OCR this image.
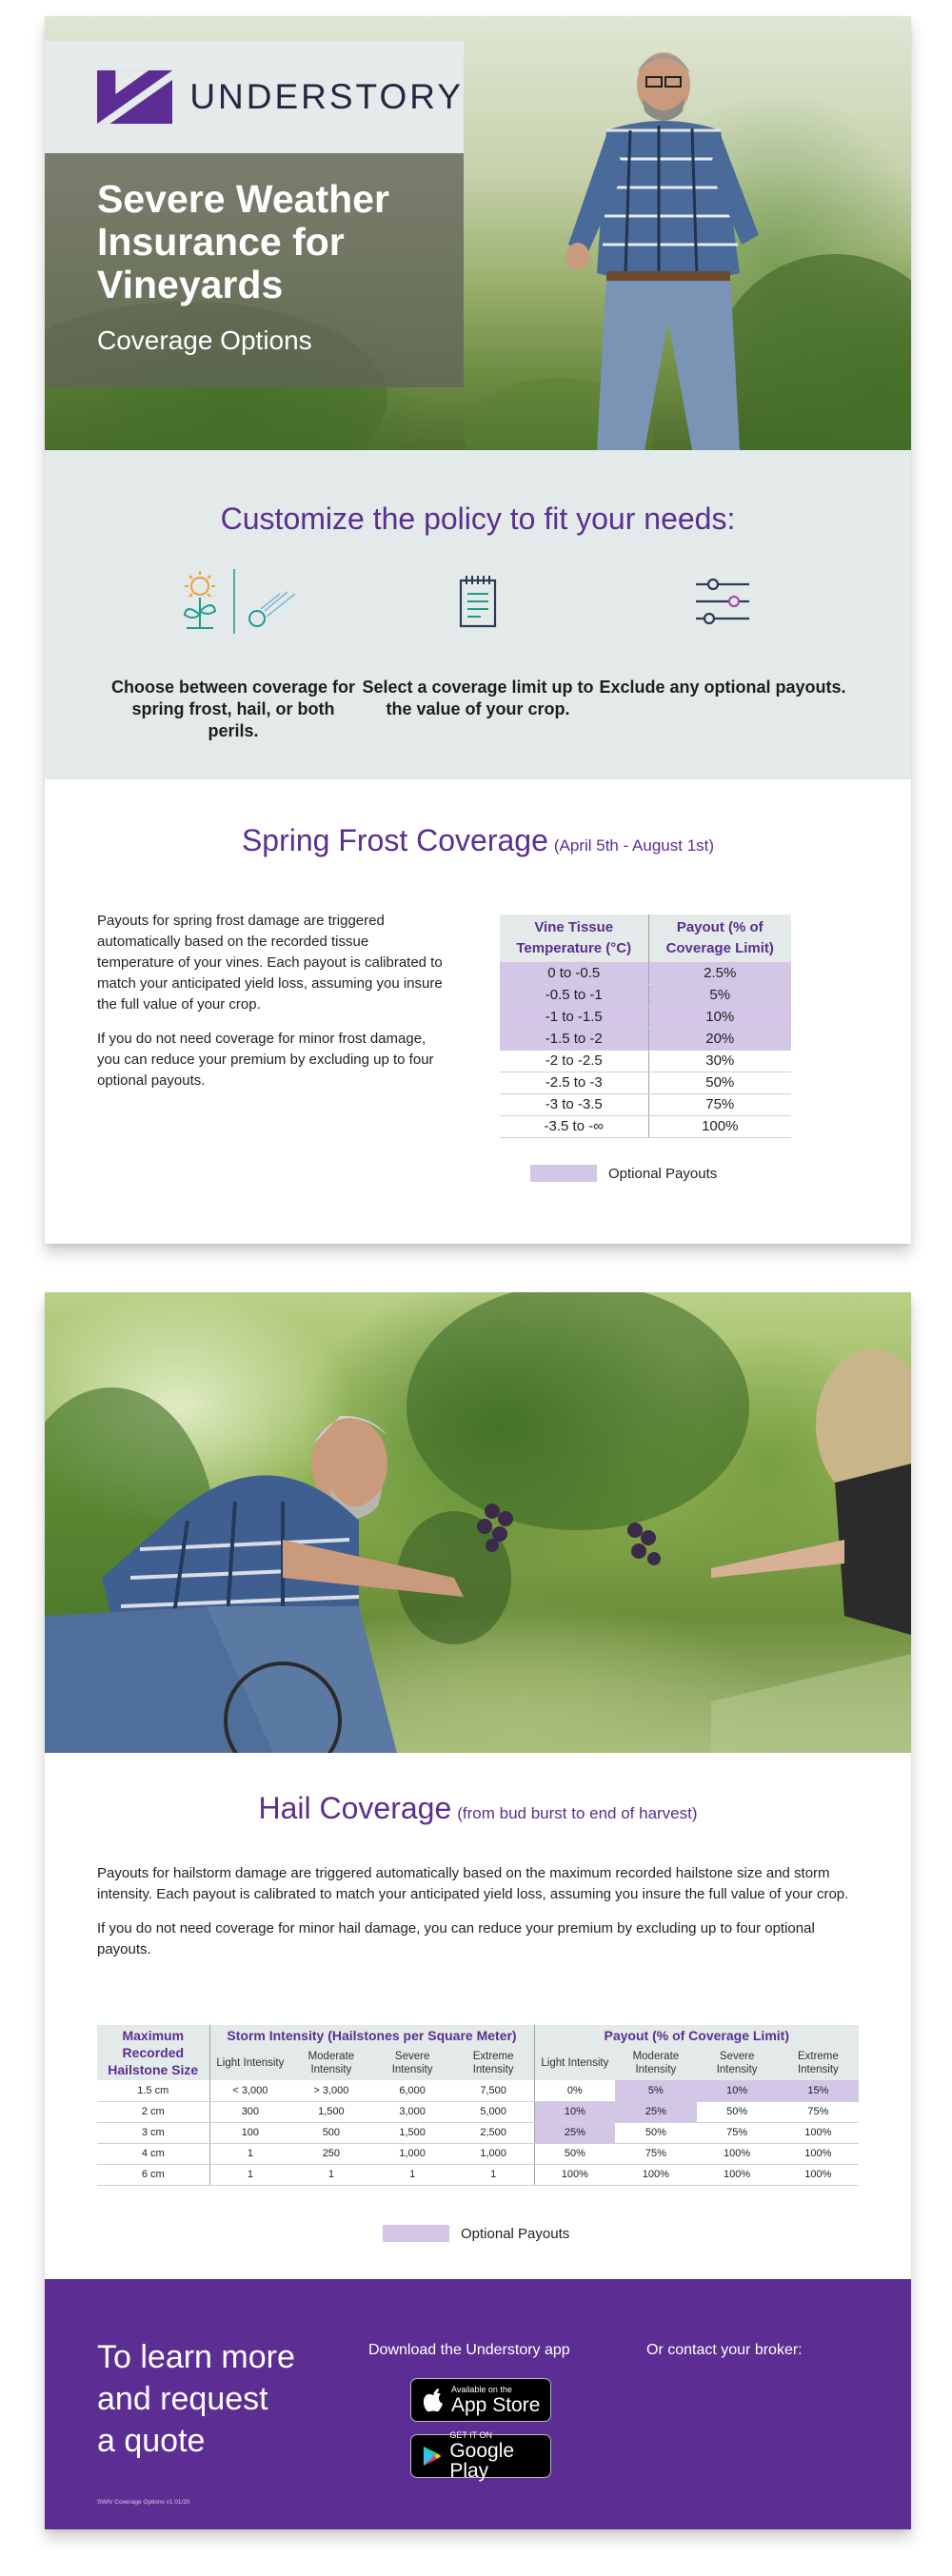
UNDERSTORY
Severe Weather Insurance for Vineyards
Coverage Options
Customize the policy to fit your needs:

Choose between coverage for spring frost, hail, or both perils.

Select a coverage limit up to the value of your crop.

Exclude any optional payouts.

Spring Frost Coverage (April 5th - August 1st)

Payouts for spring frost damage are triggered automatically based on the recorded tissue temperature of your vines. Each payout is calibrated to match your anticipated yield loss, assuming you insure the full value of your crop.

If you do not need coverage for minor frost damage, you can reduce your premium by excluding up to four optional payouts.

Vine Tissue Temperature (°C)	Payout (% of Coverage Limit)
0 to -0.5	2.5%
-0.5 to -1	5%
-1 to -1.5	10%
-1.5 to -2	20%
-2 to -2.5	30%
-2.5 to -3	50%
-3 to -3.5	75%
-3.5 to -∞	100%
Optional Payouts
Hail Coverage (from bud burst to end of harvest)

Payouts for hailstorm damage are triggered automatically based on the maximum recorded hailstone size and storm intensity. Each payout is calibrated to match your anticipated yield loss, assuming you insure the full value of your crop.

If you do not need coverage for minor hail damage, you can reduce your premium by excluding up to four optional payouts.

Maximum Recorded Hailstone Size	Storm Intensity (Hailstones per Square Meter)				Payout (% of Coverage Limit)			
	Light Intensity	Moderate Intensity	Severe Intensity	Extreme Intensity	Light Intensity	Moderate Intensity	Severe Intensity	Extreme Intensity
1.5 cm	< 3,000	> 3,000	6,000	7,500	0%	5%	10%	15%
2 cm	300	1,500	3,000	5,000	10%	25%	50%	75%
3 cm	100	500	1,500	2,500	25%	50%	75%	100%
4 cm	1	250	1,000	1,000	50%	75%	100%	100%
6 cm	1	1	1	1	100%	100%	100%	100%
Optional Payouts
To learn more
and request
a quote
Download the Understory app	Or contact your broker:
Available on the
App Store
GET IT ON
Google Play
SWIV Coverage Options v1 01/20
